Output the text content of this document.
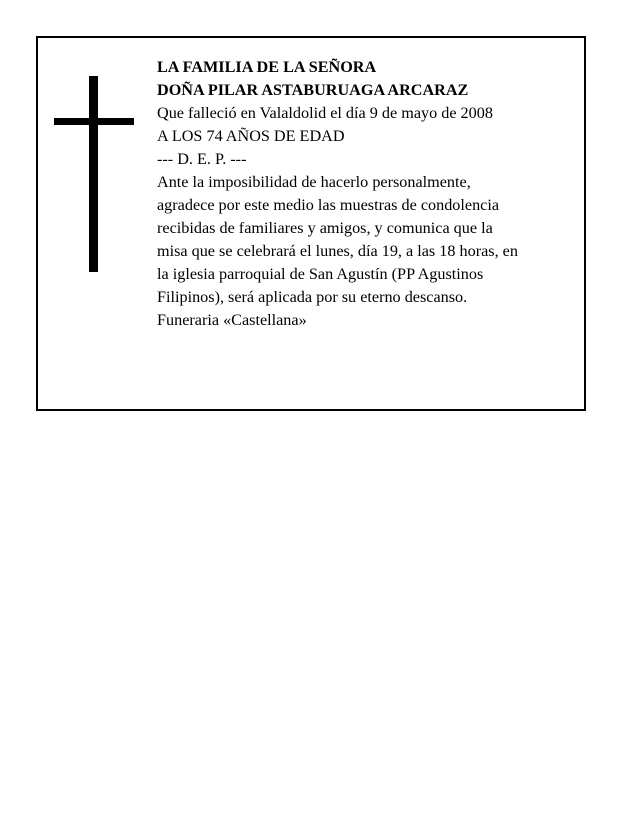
LA FAMILIA DE LA SEÑORA
DOÑA PILAR ASTABURUAGA ARCARAZ
Que falleció en Valaldolid el día 9 de mayo de 2008
A LOS 74 AÑOS DE EDAD
--- D. E. P. ---
Ante la imposibilidad de hacerlo personalmente,
agradece por este medio las muestras de condolencia
recibidas de familiares y amigos, y comunica que la
misa que se celebrará el lunes, día 19, a las 18 horas, en
la iglesia parroquial de San Agustín (PP Agustinos
Filipinos), será aplicada por su eterno descanso.
Funeraria «Castellana»
